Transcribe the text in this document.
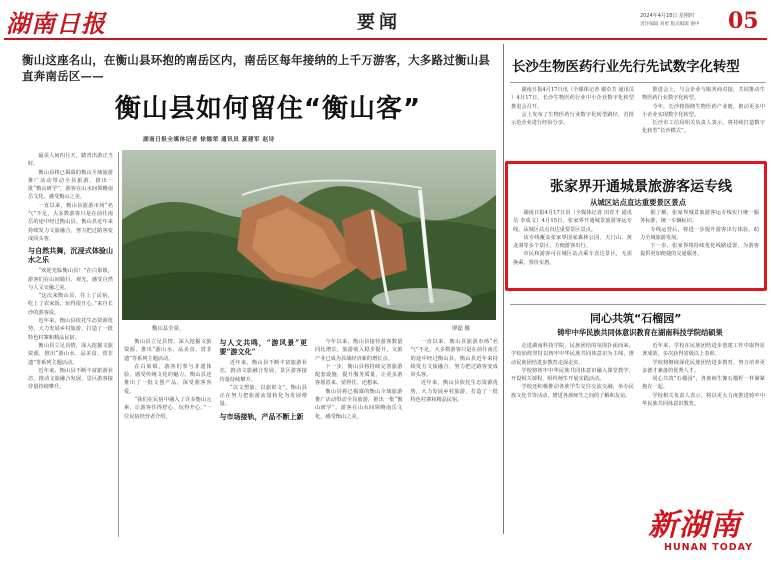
湖南日报	要闻	2024年4月18日 星期四
责任编辑 刘勇 版式编辑 谢中 05
衡山这座名山，在衡山县环抱的南岳区内，南岳区每年接纳的上千万游客，大多路过衡山县直奔南岳区——
衡山县如何留住“衡山客”
湖南日报全媒体记者 徐德荣 通讯员 夏建军 赵诗

最美人间四月天，踏青出游正当时。

衡山县将已揭幕的衡山全域旅游推广活动带动全县旅游，推出一批“衡山研学”，游客在山水间领略南岳文化，感受衡山之美。

一直以来，衡山县旅游市场“名气”不足，大多数游客只是在前往南岳的途中经过衡山县。衡山县近年来持续发力文旅融合，努力把过路客变成回头客。

与自然共舞，沉浸式体验山水之乐

“欢迎光临衡山县！”在白果镇，游客们在山间骑行、观光，感受自然与人文交融之美。

“这次来衡山县，住上了民宿，吃上了农家饭，玩得很开心。”来自长沙的游客说。

近年来，衡山县依托生态资源优势，大力发展乡村旅游，打造了一批特色村寨和精品民宿。

衡山县立足县情，深入挖掘文旅资源，推出“游山水、品美食、赏非遗”等系列主题活动。

近年来，衡山县不断丰富旅游业态，推动文旅融合发展，景区游客接待量持续攀升。

衡山县全景。	廖磊 摄

衡山县立足县情，深入挖掘文旅资源，推出“游山水、品美食、赏非遗”等系列主题活动。

在白果镇，游客们参与非遗体验，感受传统文化的魅力。衡山县还推出了一批文创产品，深受游客喜爱。

“我们在民宿中融入了许多衡山元素，让游客住得舒心、玩得开心。”一位民宿经营者介绍。

与人文共鸣，“游风景”更要“游文化”

近年来，衡山县不断丰富旅游业态，推动文旅融合发展，景区游客接待量持续攀升。

“以文塑旅、以旅彰文”，衡山县正在努力把旅游流量转化为发展增量。

与市场接轨，产品不断上新

今年以来，衡山县接待游客数量同比增长，旅游收入稳步提升，文旅产业已成为县域经济新的增长点。

下一步，衡山县将持续完善旅游配套设施，提升服务质量，让更多游客愿意来、留得住、还想来。

衡山县将已揭幕的衡山全域旅游推广活动带动全县旅游，推出一批“衡山研学”，游客在山水间领略南岳文化，感受衡山之美。

一直以来，衡山县旅游市场“名气”不足，大多数游客只是在前往南岳的途中经过衡山县。衡山县近年来持续发力文旅融合，努力把过路客变成回头客。

近年来，衡山县依托生态资源优势，大力发展乡村旅游，打造了一批特色村寨和精品民宿。

长沙生物医药行业先行先试数字化转型

湖南日报4月17日讯（全媒体记者 谢卓芳 通讯员 ）4月17日，长沙生物医药行业中小企业数字化转型推进会召开。

会上发布了生物医药行业数字化转型路径，首批示范企业进行经验分享。

推进会上，与会企业与服务商对接，共同推动生物医药行业数字化转型。

今年，长沙将围绕生物医药产业链，推动更多中小企业实现数字化转型。

长沙市工信局相关负责人表示，将持续打造数字化转型“长沙模式”。

张家界开通城景旅游客运专线
从城区站点直达重要景区景点

湖南日报4月17日讯（全媒体记者 田育才 通讯员 李成文）4月15日，张家界开通城景旅游客运专线，从城区站点直达重要景区景点。

该专线覆盖张家界国家森林公园、天门山、黄龙洞等多个景区，方便游客出行。

市民和游客可在城区站点乘车直达景区，无需换乘，票价实惠。

据了解，张家界城景旅游客运专线实行统一服务标准，统一车辆标识。

专线运营后，将进一步提升游客出行体验，助力全域旅游发展。

下一步，张家界将持续优化线路设置，为游客提供更加便捷的交通服务。

同心共筑“石榴园”
铸牢中华民族共同体意识教育在湖南科技学院结硕果

走进湖南科技学院，民族团结的氛围扑面而来。学校始终坚持以铸牢中华民族共同体意识为主线，推动民族团结进步教育走深走实。

学校将铸牢中华民族共同体意识融入课堂教学，开设相关课程，组织师生开展实践活动。

学校还积极推动各族学生交往交流交融，举办民族文化节等活动，增进各族师生之间的了解和友谊。

近年来，学校在民族团结进步创建工作中取得显著成效，多次获得省级以上表彰。

学校将继续深化民族团结进步教育，努力培养更多德才兼备的优秀人才。

同心共筑“石榴园”，各族师生像石榴籽一样紧紧抱在一起。

学校相关负责人表示，将以更大力度推进铸牢中华民族共同体意识教育。

新湖南
HUNAN TODAY
